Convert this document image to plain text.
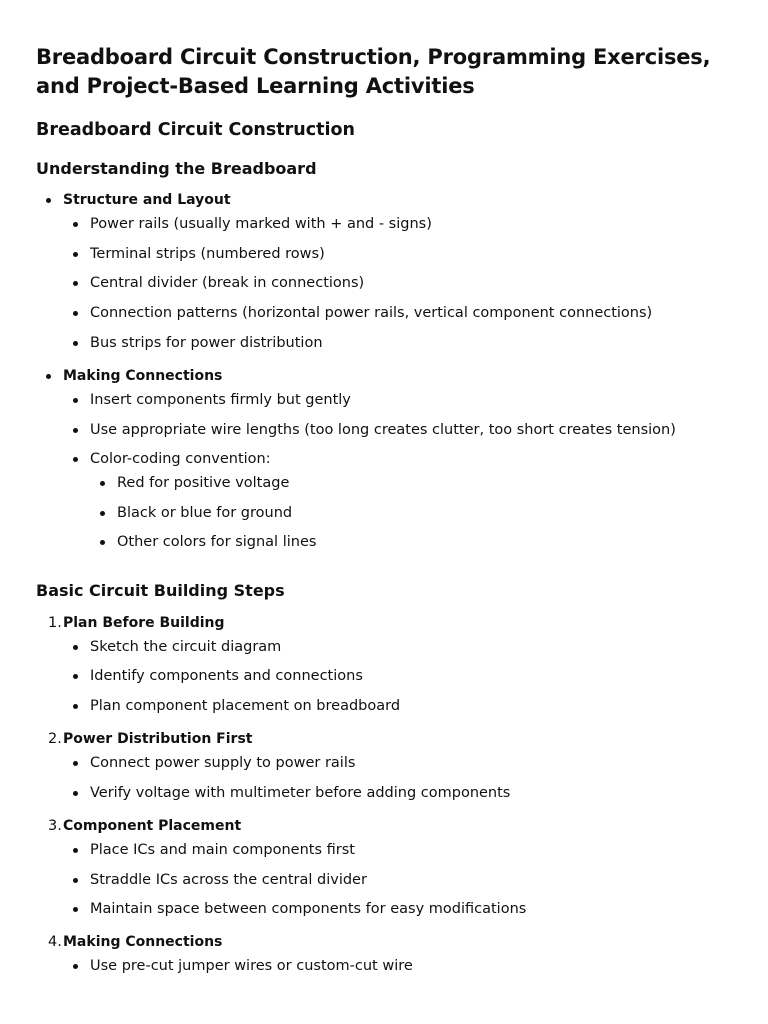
Breadboard Circuit Construction, Programming Exercises, and Project-Based Learning Activities
Breadboard Circuit Construction
Understanding the Breadboard
Structure and Layout
Power rails (usually marked with + and - signs)
Terminal strips (numbered rows)
Central divider (break in connections)
Connection patterns (horizontal power rails, vertical component connections)
Bus strips for power distribution
Making Connections
Insert components firmly but gently
Use appropriate wire lengths (too long creates clutter, too short creates tension)
Color-coding convention:
Red for positive voltage
Black or blue for ground
Other colors for signal lines
Basic Circuit Building Steps
1. Plan Before Building
Sketch the circuit diagram
Identify components and connections
Plan component placement on breadboard
2. Power Distribution First
Connect power supply to power rails
Verify voltage with multimeter before adding components
3. Component Placement
Place ICs and main components first
Straddle ICs across the central divider
Maintain space between components for easy modifications
4. Making Connections
Use pre-cut jumper wires or custom-cut wire
